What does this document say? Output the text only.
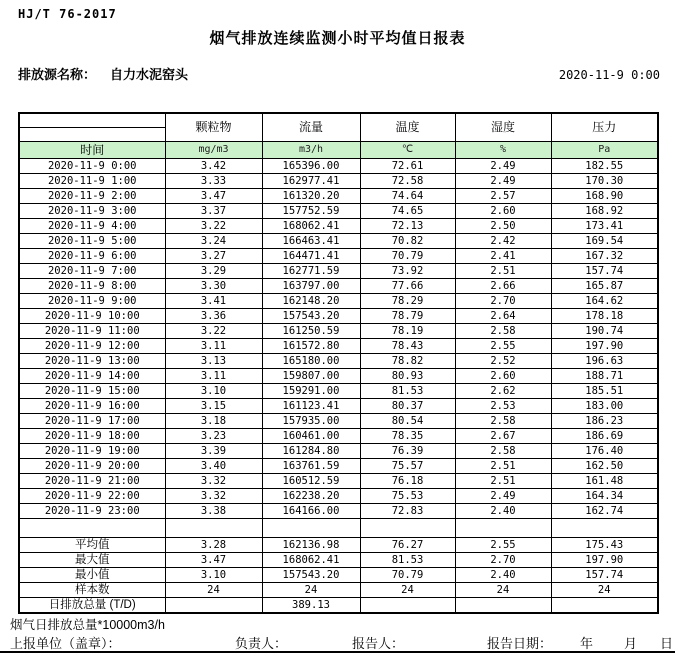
HJ/T 76-2017
烟气排放连续监测小时平均值日报表
排放源名称： 自力水泥窑头	2020-11-9 0:00
	颗粒物	流量	温度	湿度	压力

时间	mg/m3	m3/h	℃	%	Pa
2020-11-9 0:00	3.42	165396.00	72.61	2.49	182.55
2020-11-9 1:00	3.33	162977.41	72.58	2.49	170.30
2020-11-9 2:00	3.47	161320.20	74.64	2.57	168.90
2020-11-9 3:00	3.37	157752.59	74.65	2.60	168.92
2020-11-9 4:00	3.22	168062.41	72.13	2.50	173.41
2020-11-9 5:00	3.24	166463.41	70.82	2.42	169.54
2020-11-9 6:00	3.27	164471.41	70.79	2.41	167.32
2020-11-9 7:00	3.29	162771.59	73.92	2.51	157.74
2020-11-9 8:00	3.30	163797.00	77.66	2.66	165.87
2020-11-9 9:00	3.41	162148.20	78.29	2.70	164.62
2020-11-9 10:00	3.36	157543.20	78.79	2.64	178.18
2020-11-9 11:00	3.22	161250.59	78.19	2.58	190.74
2020-11-9 12:00	3.11	161572.80	78.43	2.55	197.90
2020-11-9 13:00	3.13	165180.00	78.82	2.52	196.63
2020-11-9 14:00	3.11	159807.00	80.93	2.60	188.71
2020-11-9 15:00	3.10	159291.00	81.53	2.62	185.51
2020-11-9 16:00	3.15	161123.41	80.37	2.53	183.00
2020-11-9 17:00	3.18	157935.00	80.54	2.58	186.23
2020-11-9 18:00	3.23	160461.00	78.35	2.67	186.69
2020-11-9 19:00	3.39	161284.80	76.39	2.58	176.40
2020-11-9 20:00	3.40	163761.59	75.57	2.51	162.50
2020-11-9 21:00	3.32	160512.59	76.18	2.51	161.48
2020-11-9 22:00	3.32	162238.20	75.53	2.49	164.34
2020-11-9 23:00	3.38	164166.00	72.83	2.40	162.74

平均值	3.28	162136.98	76.27	2.55	175.43
最大值	3.47	168062.41	81.53	2.70	197.90
最小值	3.10	157543.20	70.79	2.40	157.74
样本数	24	24	24	24	24
日排放总量 (T/D)		389.13			
烟气日排放总量*10000m3/h
上报单位（盖章）：	负责人：	报告人：	报告日期： 年 月 日
